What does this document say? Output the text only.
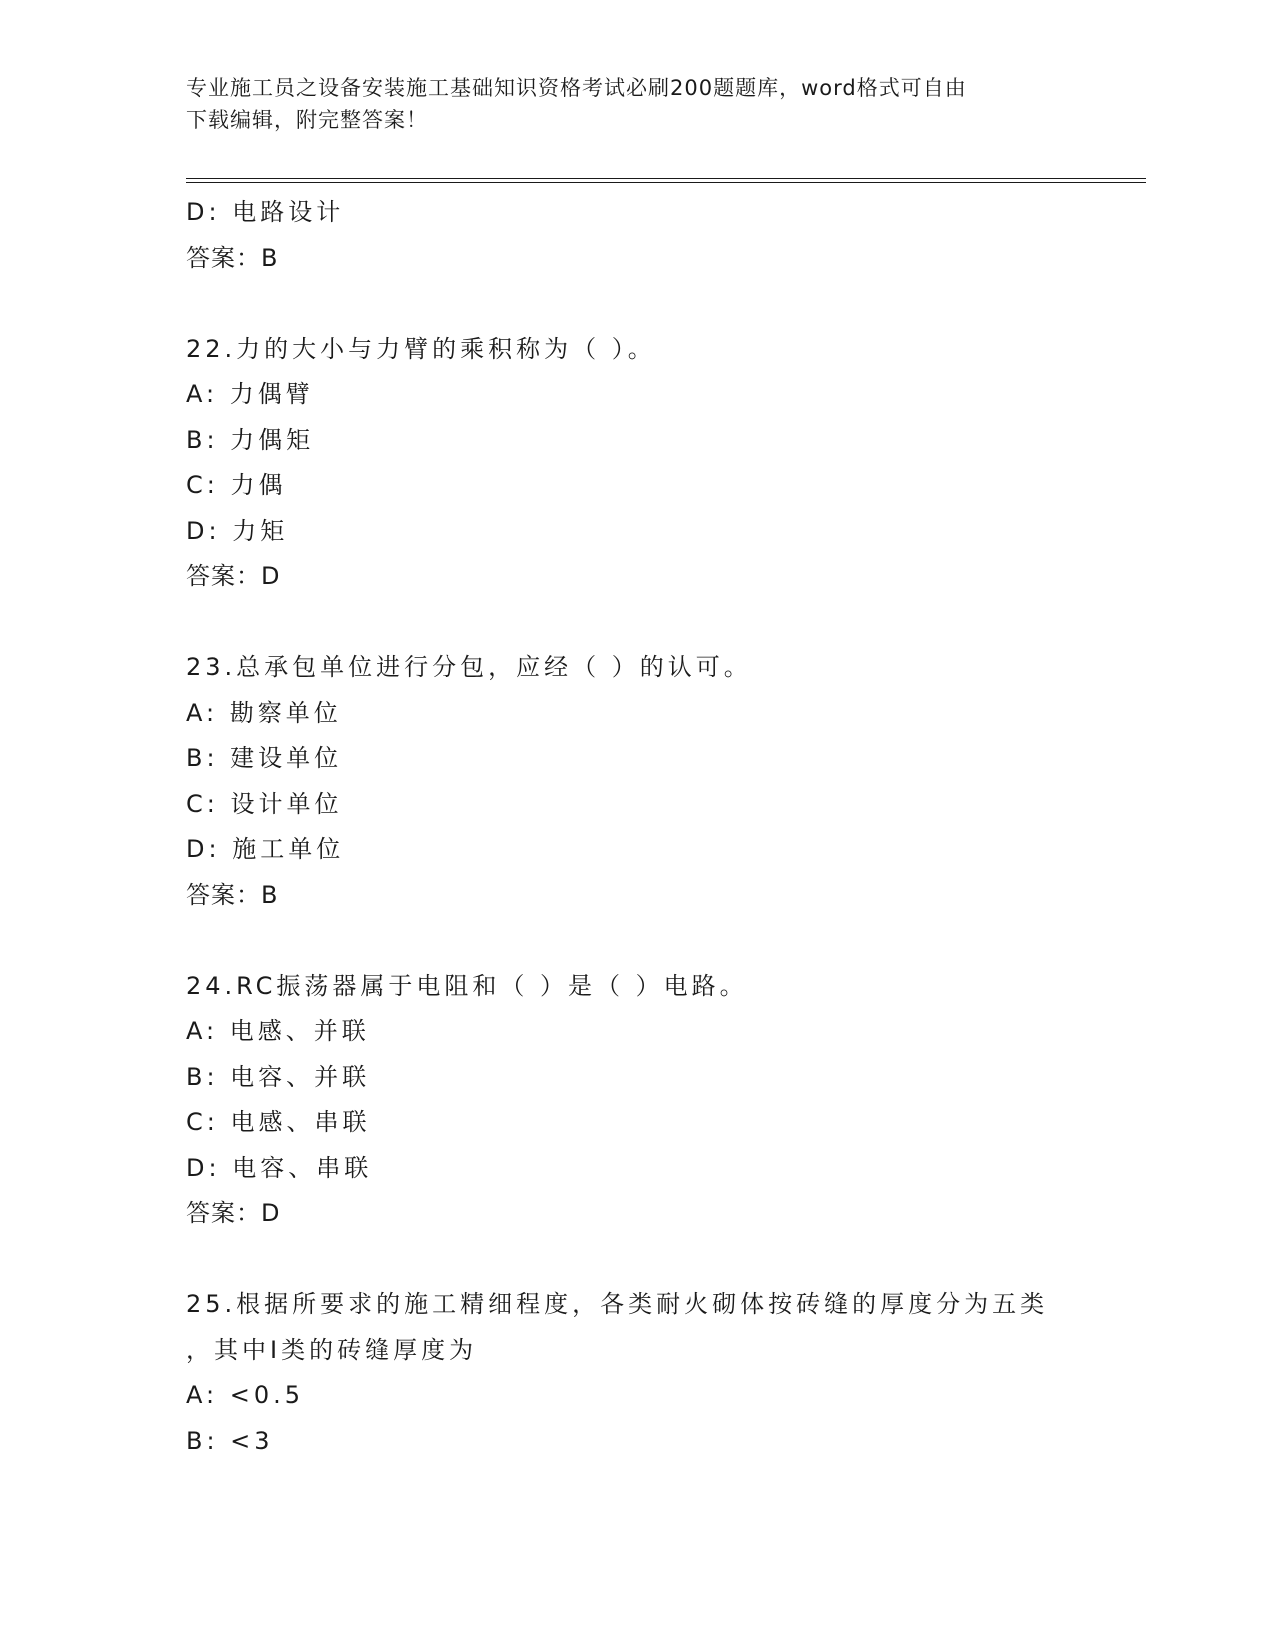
专业施工员之设备安装施工基础知识资格考试必刷200题题库，word格式可自由
下载编辑，附完整答案！
D: 电路设计
答案：B
22.力的大小与力臂的乘积称为（ ）。
A: 力偶臂
B: 力偶矩
C: 力偶
D: 力矩
答案：D
23.总承包单位进行分包，应经（ ）的认可。
A: 勘察单位
B: 建设单位
C: 设计单位
D: 施工单位
答案：B
24.RC振荡器属于电阻和（ ）是（ ）电路。
A: 电感、并联
B: 电容、并联
C: 电感、串联
D: 电容、串联
答案：D
25.根据所要求的施工精细程度，各类耐火砌体按砖缝的厚度分为五类
，其中I类的砖缝厚度为
A: <0.5
B: <3
